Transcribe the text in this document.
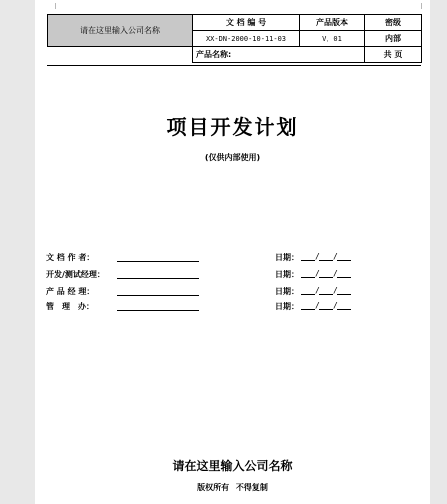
请在这里输入公司名称	文 档 编 号	产品版本	密级
	XX-DN-2000-10-11-03	V．01	内部
	产品名称:		共 页
项目开发计划
(仅供内部使用)
文 档 作 者：	日期：	/ /
开发/测试经理：	日期：	/ /
产 品 经 理：	日期：	/ /
管　理　办：	日期：	/ /
请在这里输入公司名称
版权所有 不得复制
